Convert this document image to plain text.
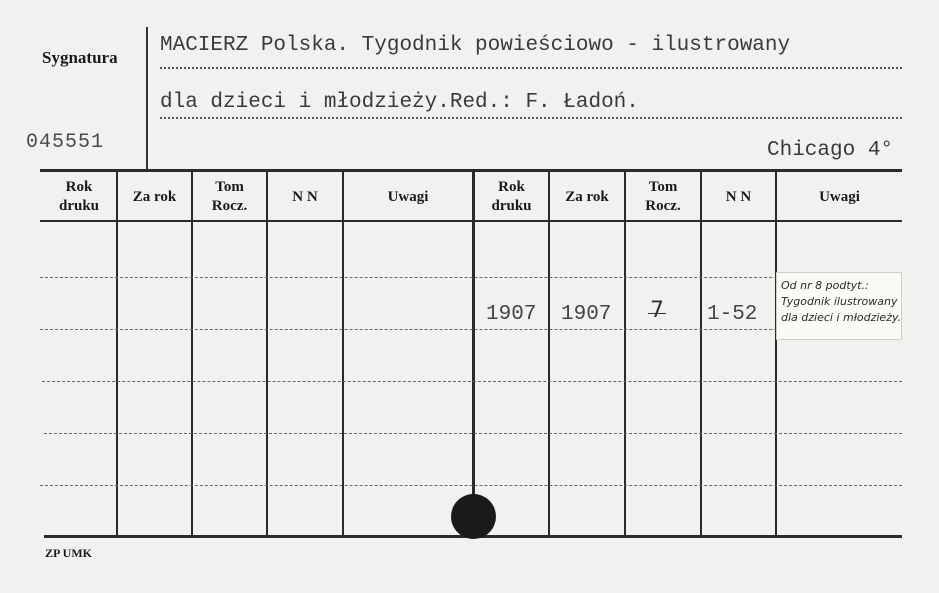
Sygnatura
045551
MACIERZ Polska. Tygodnik powieściowo - ilustrowany
dla dzieci i młodzieży.Red.: F. Ładoń.
Chicago 4°
Rok
druku
Za rok
Tom
Rocz.
N N	Uwagi
Rok
druku
Za rok
Tom
Rocz.
N N	Uwagi
1907 1907 7 1-52
Od nr 8 podtyt.:
Tygodnik ilustrowany
dla dzieci i młodzieży.
ZP UMK
